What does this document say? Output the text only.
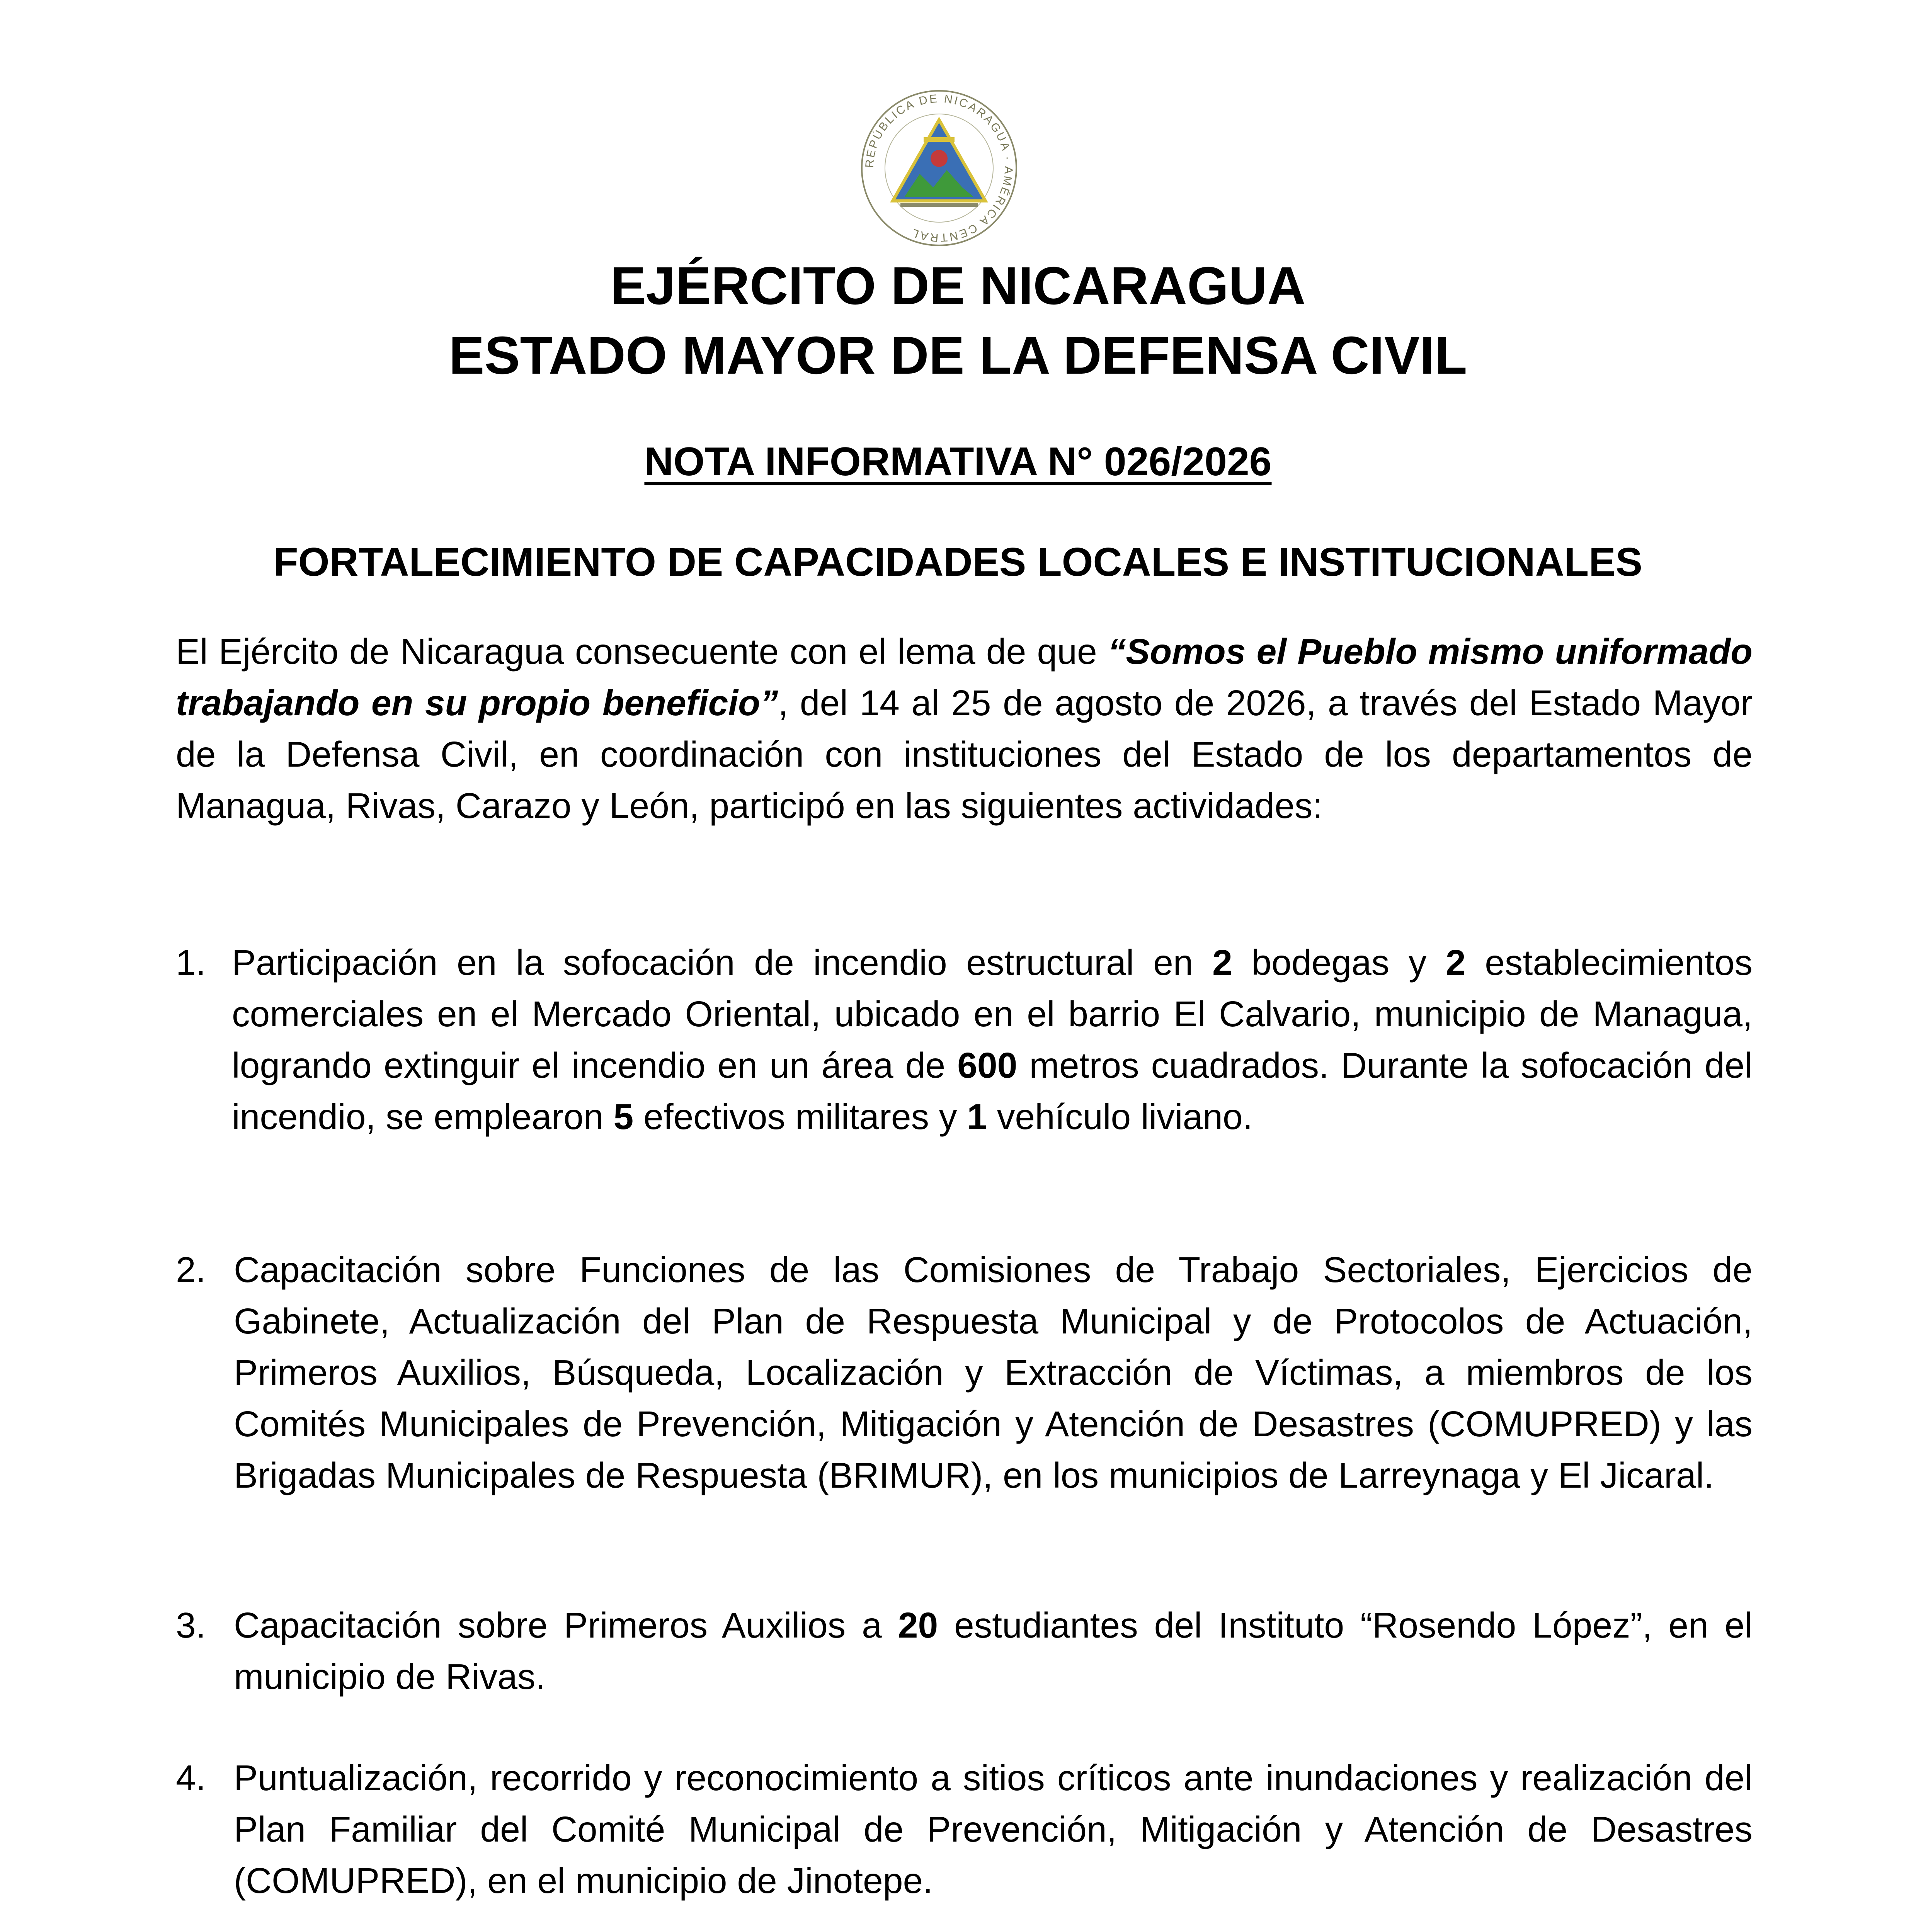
REPÚBLICA DE NICARAGUA · AMÉRICA CENTRAL
EJÉRCITO DE NICARAGUA
ESTADO MAYOR DE LA DEFENSA CIVIL
NOTA INFORMATIVA N° 026/2026
FORTALECIMIENTO DE CAPACIDADES LOCALES E INSTITUCIONALES

El Ejército de Nicaragua consecuente con el lema de que “Somos el Pueblo mismo uniformado trabajando en su propio beneficio”, del 14 al 25 de agosto de 2026, a través del Estado Mayor de la Defensa Civil, en coordinación con instituciones del Estado de los departamentos de Managua, Rivas, Carazo y León, participó en las siguientes actividades:

1. Participación en la sofocación de incendio estructural en 2 bodegas y 2 establecimientos comerciales en el Mercado Oriental, ubicado en el barrio El Calvario, municipio de Managua, logrando extinguir el incendio en un área de 600 metros cuadrados. Durante la sofocación del incendio, se emplearon 5 efectivos militares y 1 vehículo liviano.
2. Capacitación sobre Funciones de las Comisiones de Trabajo Sectoriales, Ejercicios de Gabinete, Actualización del Plan de Respuesta Municipal y de Protocolos de Actuación, Primeros Auxilios, Búsqueda, Localización y Extracción de Víctimas, a miembros de los Comités Municipales de Prevención, Mitigación y Atención de Desastres (COMUPRED) y las Brigadas Municipales de Respuesta (BRIMUR), en los municipios de Larreynaga y El Jicaral.
3. Capacitación sobre Primeros Auxilios a 20 estudiantes del Instituto “Rosendo López”, en el municipio de Rivas.
4. Puntualización, recorrido y reconocimiento a sitios críticos ante inundaciones y realización del Plan Familiar del Comité Municipal de Prevención, Mitigación y Atención de Desastres (COMUPRED), en el municipio de Jinotepe.
